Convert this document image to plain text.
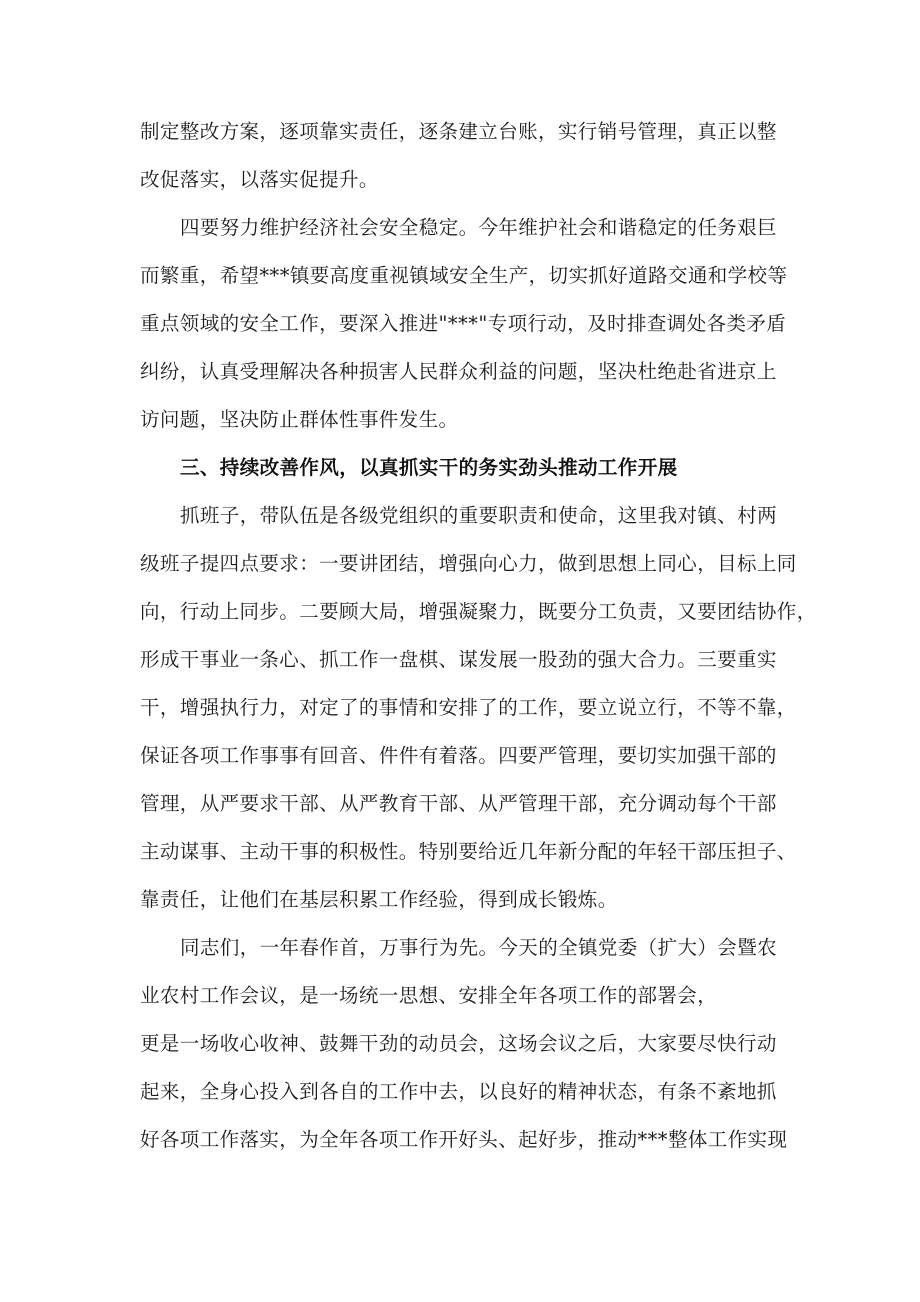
制定整改方案，逐项靠实责任，逐条建立台账，实行销号管理，真正以整
改促落实，以落实促提升。
四要努力维护经济社会安全稳定。今年维护社会和谐稳定的任务艰巨
而繁重，希望***镇要高度重视镇域安全生产，切实抓好道路交通和学校等
重点领域的安全工作，要深入推进"***"专项行动，及时排查调处各类矛盾
纠纷，认真受理解决各种损害人民群众利益的问题，坚决杜绝赴省进京上
访问题，坚决防止群体性事件发生。
三、持续改善作风，以真抓实干的务实劲头推动工作开展
抓班子，带队伍是各级党组织的重要职责和使命，这里我对镇、村两
级班子提四点要求：一要讲团结，增强向心力，做到思想上同心，目标上同
向，行动上同步。二要顾大局，增强凝聚力，既要分工负责，又要团结协作，
形成干事业一条心、抓工作一盘棋、谋发展一股劲的强大合力。三要重实
干，增强执行力，对定了的事情和安排了的工作，要立说立行，不等不靠，
保证各项工作事事有回音、件件有着落。四要严管理，要切实加强干部的
管理，从严要求干部、从严教育干部、从严管理干部，充分调动每个干部
主动谋事、主动干事的积极性。特别要给近几年新分配的年轻干部压担子、
靠责任，让他们在基层积累工作经验，得到成长锻炼。
同志们，一年春作首，万事行为先。今天的全镇党委（扩大）会暨农
业农村工作会议，是一场统一思想、安排全年各项工作的部署会，
更是一场收心收神、鼓舞干劲的动员会，这场会议之后，大家要尽快行动
起来，全身心投入到各自的工作中去，以良好的精神状态，有条不紊地抓
好各项工作落实，为全年各项工作开好头、起好步，推动***整体工作实现
